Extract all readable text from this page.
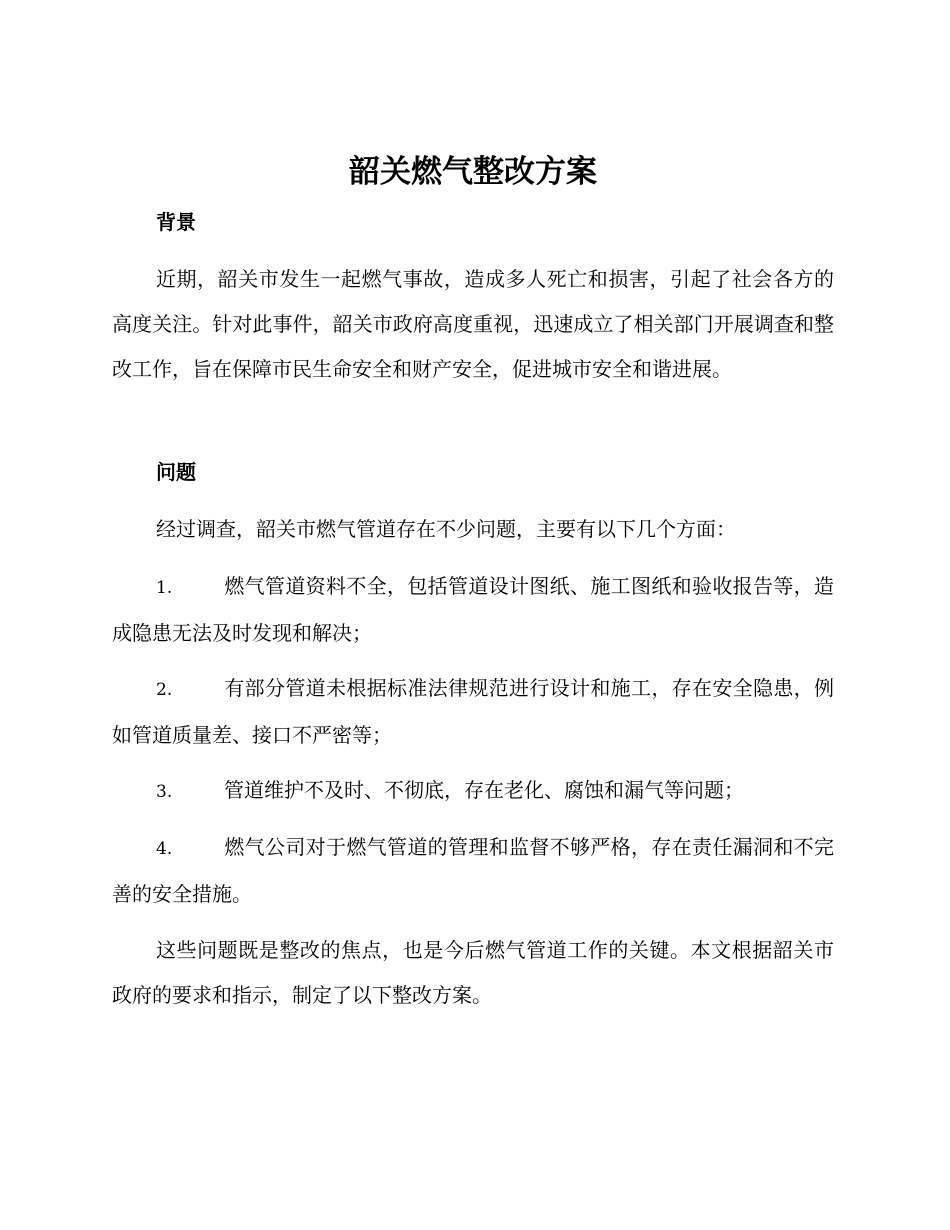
韶关燃气整改方案
背景

近期，韶关市发生一起燃气事故，造成多人死亡和损害，引起了社会各方的高度关注。针对此事件，韶关市政府高度重视，迅速成立了相关部门开展调查和整改工作，旨在保障市民生命安全和财产安全，促进城市安全和谐进展。

问题

经过调查，韶关市燃气管道存在不少问题，主要有以下几个方面：

1.	燃气管道资料不全，包括管道设计图纸、施工图纸和验收报告等，造成隐患无法及时发现和解决；

2.	有部分管道未根据标准法律规范进行设计和施工，存在安全隐患，例如管道质量差、接口不严密等；

3.	管道维护不及时、不彻底，存在老化、腐蚀和漏气等问题；

4.	燃气公司对于燃气管道的管理和监督不够严格，存在责任漏洞和不完善的安全措施。

这些问题既是整改的焦点，也是今后燃气管道工作的关键。本文根据韶关市政府的要求和指示，制定了以下整改方案。
